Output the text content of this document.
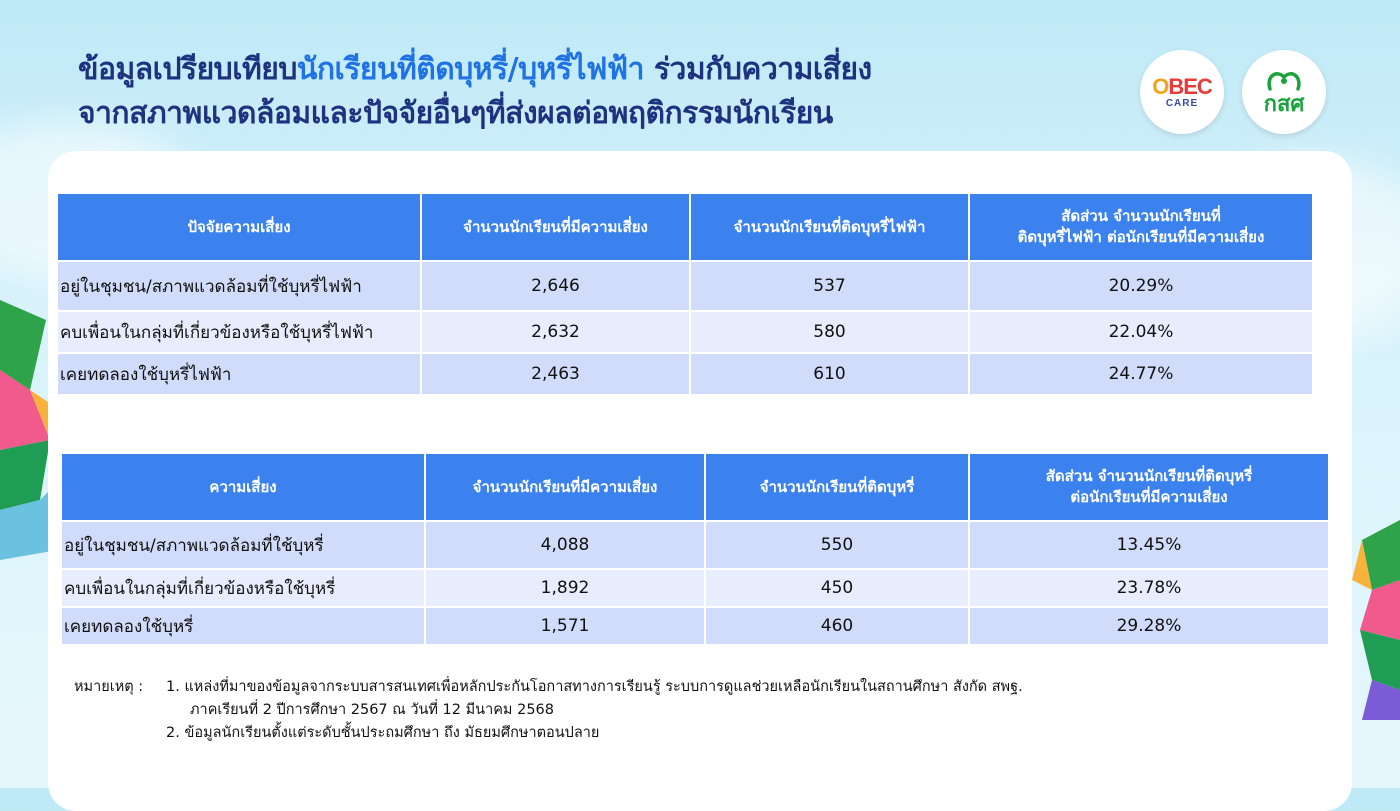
ข้อมูลเปรียบเทียบนักเรียนที่ติดบุหรี่/บุหรี่ไฟฟ้า ร่วมกับความเสี่ยง
จากสภาพแวดล้อมและปัจจัยอื่นๆที่ส่งผลต่อพฤติกรรมนักเรียน
OBEC
CARE	กสศ
ปัจจัยความเสี่ยง	จำนวนนักเรียนที่มีความเสี่ยง	จำนวนนักเรียนที่ติดบุหรี่ไฟฟ้า	สัดส่วน จำนวนนักเรียนที่
ติดบุหรี่ไฟฟ้า ต่อนักเรียนที่มีความเสี่ยง
อยู่ในชุมชน/สภาพแวดล้อมที่ใช้บุหรี่ไฟฟ้า	2,646	537	20.29%
คบเพื่อนในกลุ่มที่เกี่ยวข้องหรือใช้บุหรี่ไฟฟ้า	2,632	580	22.04%
เคยทดลองใช้บุหรี่ไฟฟ้า	2,463	610	24.77%
ความเสี่ยง	จำนวนนักเรียนที่มีความเสี่ยง	จำนวนนักเรียนที่ติดบุหรี่	สัดส่วน จำนวนนักเรียนที่ติดบุหรี่
ต่อนักเรียนที่มีความเสี่ยง
อยู่ในชุมชน/สภาพแวดล้อมที่ใช้บุหรี่	4,088	550	13.45%
คบเพื่อนในกลุ่มที่เกี่ยวข้องหรือใช้บุหรี่	1,892	450	23.78%
เคยทดลองใช้บุหรี่	1,571	460	29.28%
หมายเหตุ :	1. แหล่งที่มาของข้อมูลจากระบบสารสนเทศเพื่อหลักประกันโอกาสทางการเรียนรู้ ระบบการดูแลช่วยเหลือนักเรียนในสถานศึกษา สังกัด สพฐ.
ภาคเรียนที่ 2 ปีการศึกษา 2567 ณ วันที่ 12 มีนาคม 2568
2. ข้อมูลนักเรียนตั้งแต่ระดับชั้นประถมศึกษา ถึง มัธยมศึกษาตอนปลาย
